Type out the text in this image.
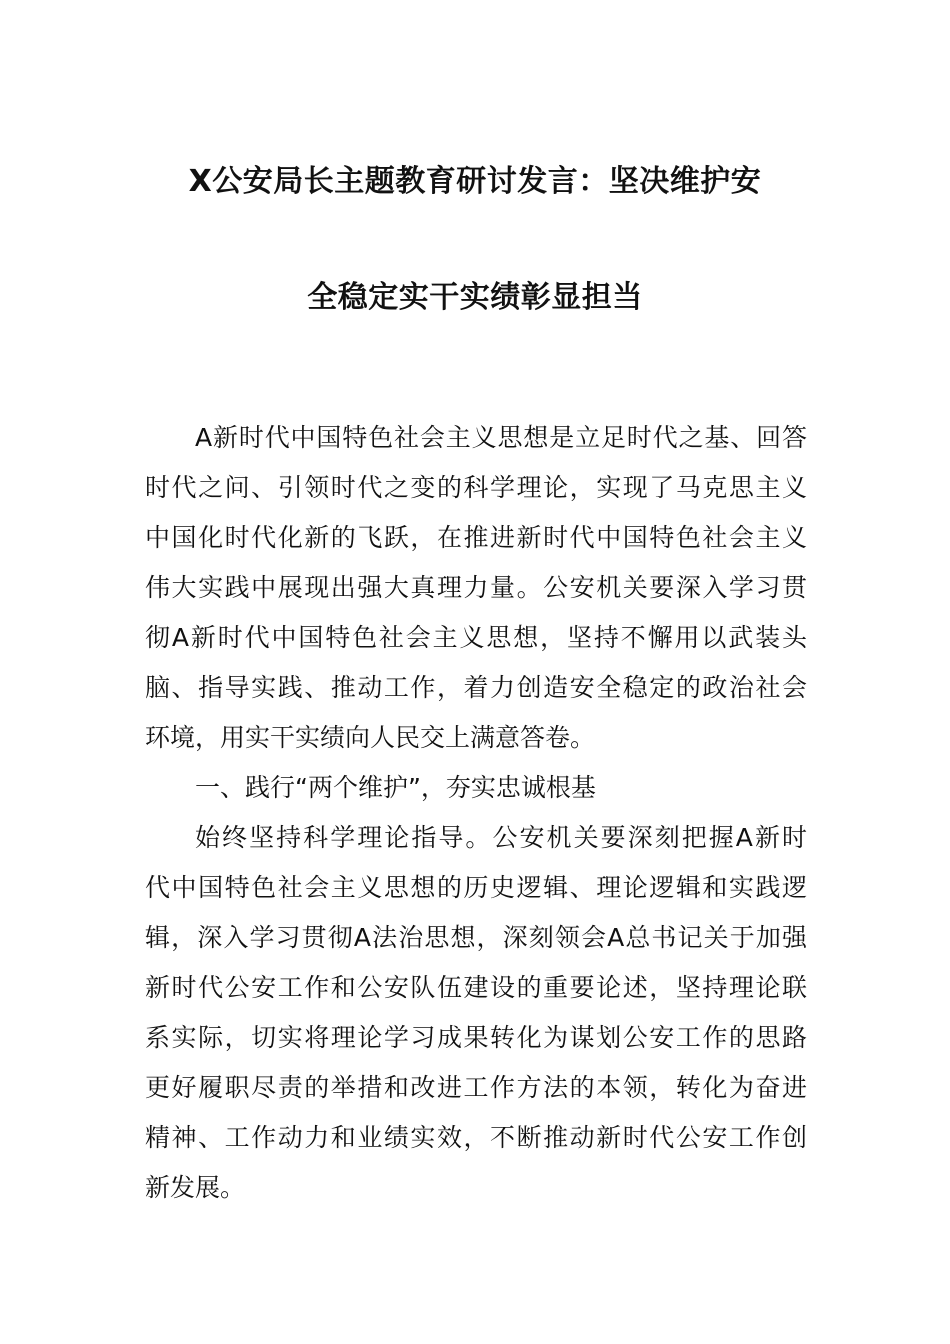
X公安局长主题教育研讨发言：坚决维护安
全稳定实干实绩彰显担当
A新时代中国特色社会主义思想是立足时代之基、回答
时代之问、引领时代之变的科学理论，实现了马克思主义
中国化时代化新的飞跃，在推进新时代中国特色社会主义
伟大实践中展现出强大真理力量。公安机关要深入学习贯
彻A新时代中国特色社会主义思想，坚持不懈用以武装头
脑、指导实践、推动工作，着力创造安全稳定的政治社会
环境，用实干实绩向人民交上满意答卷。
一、践行“两个维护”，夯实忠诚根基
始终坚持科学理论指导。公安机关要深刻把握A新时
代中国特色社会主义思想的历史逻辑、理论逻辑和实践逻
辑，深入学习贯彻A法治思想，深刻领会A总书记关于加强
新时代公安工作和公安队伍建设的重要论述，坚持理论联
系实际，切实将理论学习成果转化为谋划公安工作的思路
更好履职尽责的举措和改进工作方法的本领，转化为奋进
精神、工作动力和业绩实效，不断推动新时代公安工作创
新发展。
